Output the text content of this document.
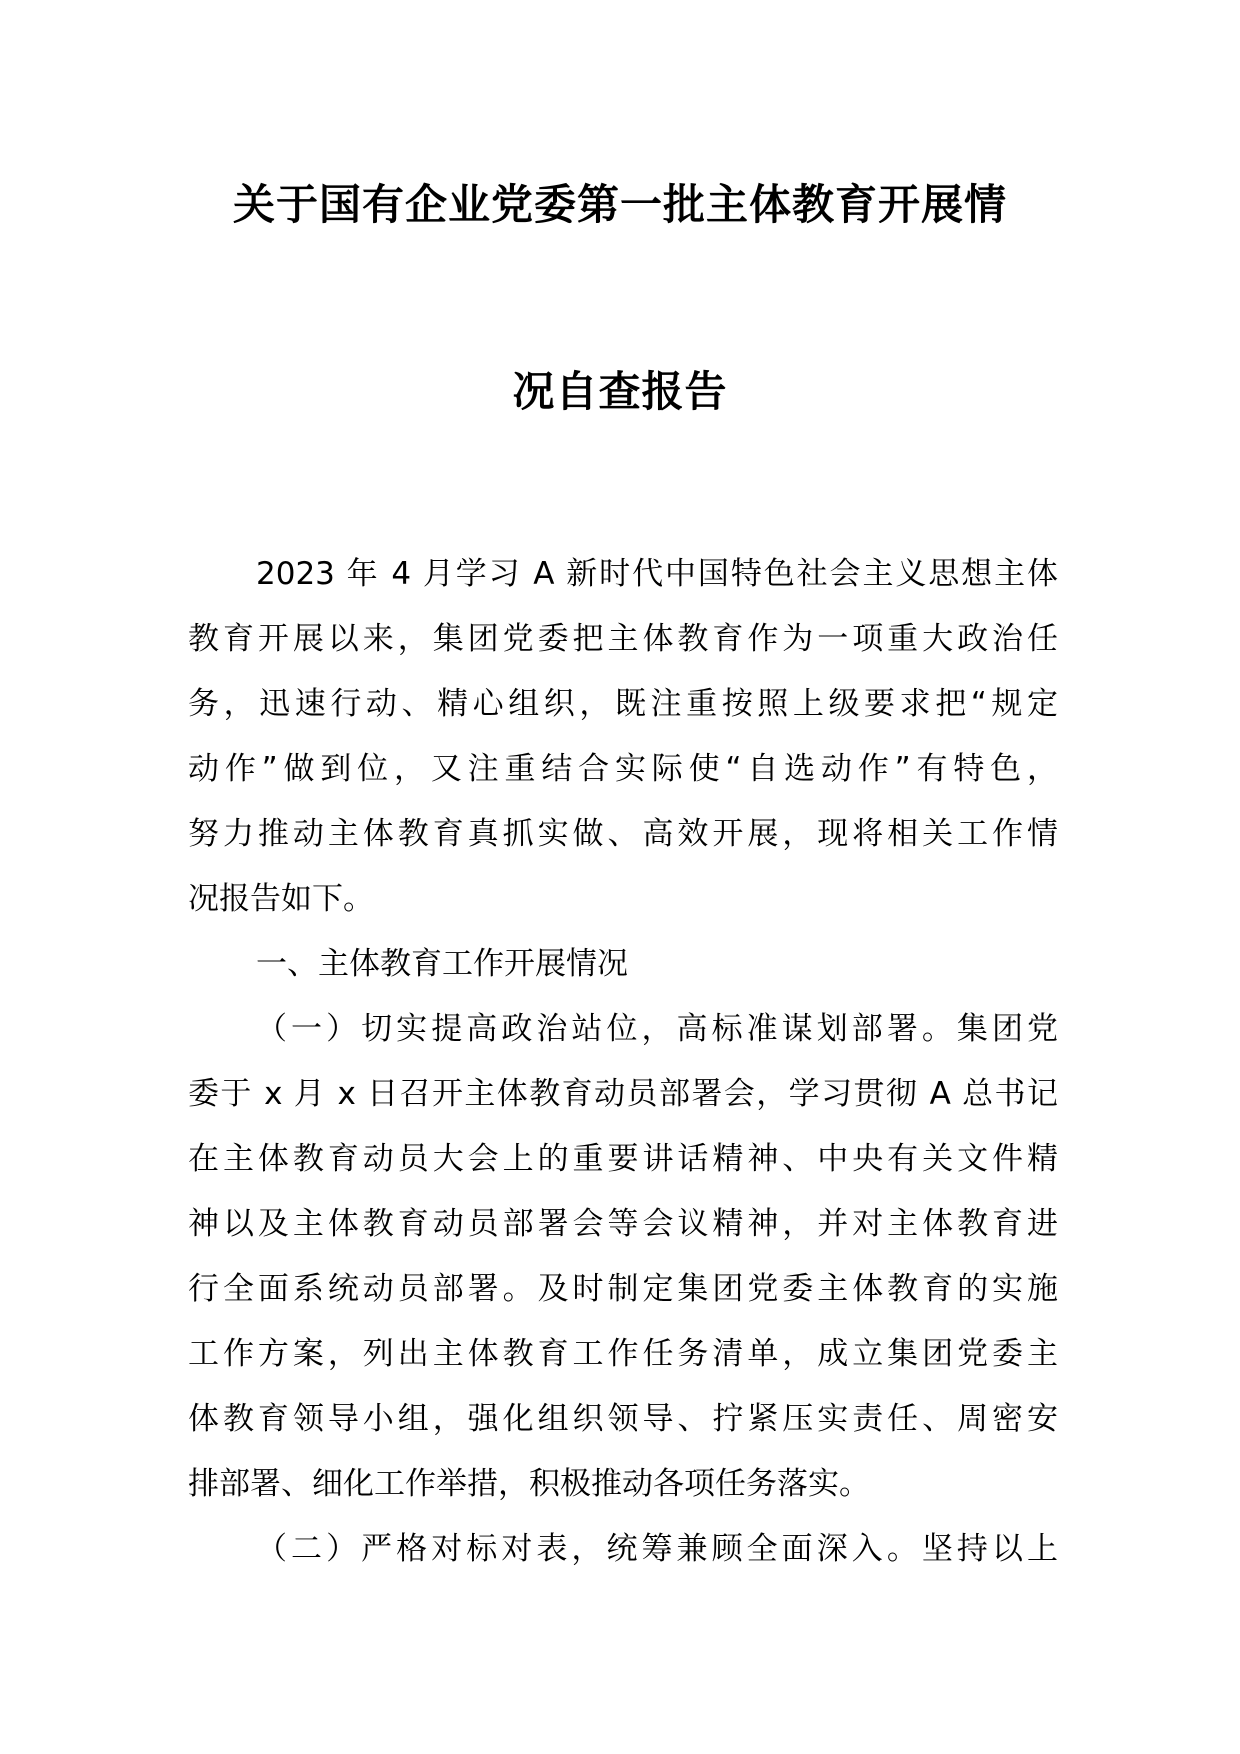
关于国有企业党委第一批主体教育开展情
况自查报告
2023 年 4 月学习 A 新时代中国特色社会主义思想主体
教育开展以来，集团党委把主体教育作为一项重大政治任
务，迅速行动、精心组织，既注重按照上级要求把“规定
动作”做到位，又注重结合实际使“自选动作”有特色，
努力推动主体教育真抓实做、高效开展，现将相关工作情
况报告如下。
一、主体教育工作开展情况
（一）切实提高政治站位，高标准谋划部署。集团党
委于 x 月 x 日召开主体教育动员部署会，学习贯彻 A 总书记
在主体教育动员大会上的重要讲话精神、中央有关文件精
神以及主体教育动员部署会等会议精神，并对主体教育进
行全面系统动员部署。及时制定集团党委主体教育的实施
工作方案，列出主体教育工作任务清单，成立集团党委主
体教育领导小组，强化组织领导、拧紧压实责任、周密安
排部署、细化工作举措，积极推动各项任务落实。
（二）严格对标对表，统筹兼顾全面深入。坚持以上
